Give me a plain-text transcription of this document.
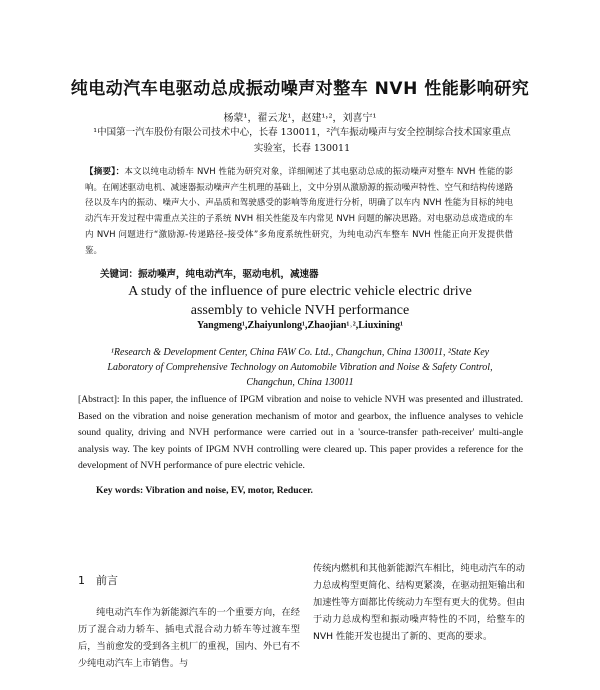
纯电动汽车电驱动总成振动噪声对整车 NVH 性能影响研究
杨蒙¹，翟云龙¹，赵建¹˒²，刘喜宁¹
¹中国第一汽车股份有限公司技术中心，长春 130011，²汽车振动噪声与安全控制综合技术国家重点
实验室，长春 130011
【摘要】：本文以纯电动轿车 NVH 性能为研究对象，详细阐述了其电驱动总成的振动噪声对整车 NVH 性能的影响。在阐述驱动电机、减速器振动噪声产生机理的基础上，文中分别从激励源的振动噪声特性、空气和结构传递路径以及车内的振动、噪声大小、声品质和驾驶感受的影响等角度进行分析，明确了以车内 NVH 性能为目标的纯电动汽车开发过程中需重点关注的子系统 NVH 相关性能及车内常见 NVH 问题的解决思路。对电驱动总成造成的车内 NVH 问题进行“激励源-传递路径-接受体”多角度系统性研究，为纯电动汽车整车 NVH 性能正向开发提供借鉴。
关键词：振动噪声，纯电动汽车，驱动电机，减速器
A study of the influence of pure electric vehicle electric drive
assembly to vehicle NVH performance
Yangmeng¹,Zhaiyunlong¹,Zhaojian¹˒²,Liuxining¹
¹Research & Development Center, China FAW Co. Ltd., Changchun, China 130011, ²State Key Laboratory of Comprehensive Technology on Automobile Vibration and Noise & Safety Control, Changchun, China 130011
[Abstract]: In this paper, the influence of IPGM vibration and noise to vehicle NVH was presented and illustrated. Based on the vibration and noise generation mechanism of motor and gearbox, the influence analyses to vehicle sound quality, driving and NVH performance were carried out in a 'source-transfer path-receiver' multi-angle analysis way. The key points of IPGM NVH controlling were cleared up. This paper provides a reference for the development of NVH performance of pure electric vehicle.
Key words: Vibration and noise, EV, motor, Reducer.
1　前言
纯电动汽车作为新能源汽车的一个重要方向，在经历了混合动力轿车、插电式混合动力轿车等过渡车型后，当前愈发的受到各主机厂的重视，国内、外已有不少纯电动汽车上市销售。与
传统内燃机和其他新能源汽车相比，纯电动汽车的动力总成构型更简化、结构更紧凑，在驱动扭矩输出和加速性等方面都比传统动力车型有更大的优势。但由于动力总成构型和振动噪声特性的不同，给整车的 NVH 性能开发也提出了新的、更高的要求。
